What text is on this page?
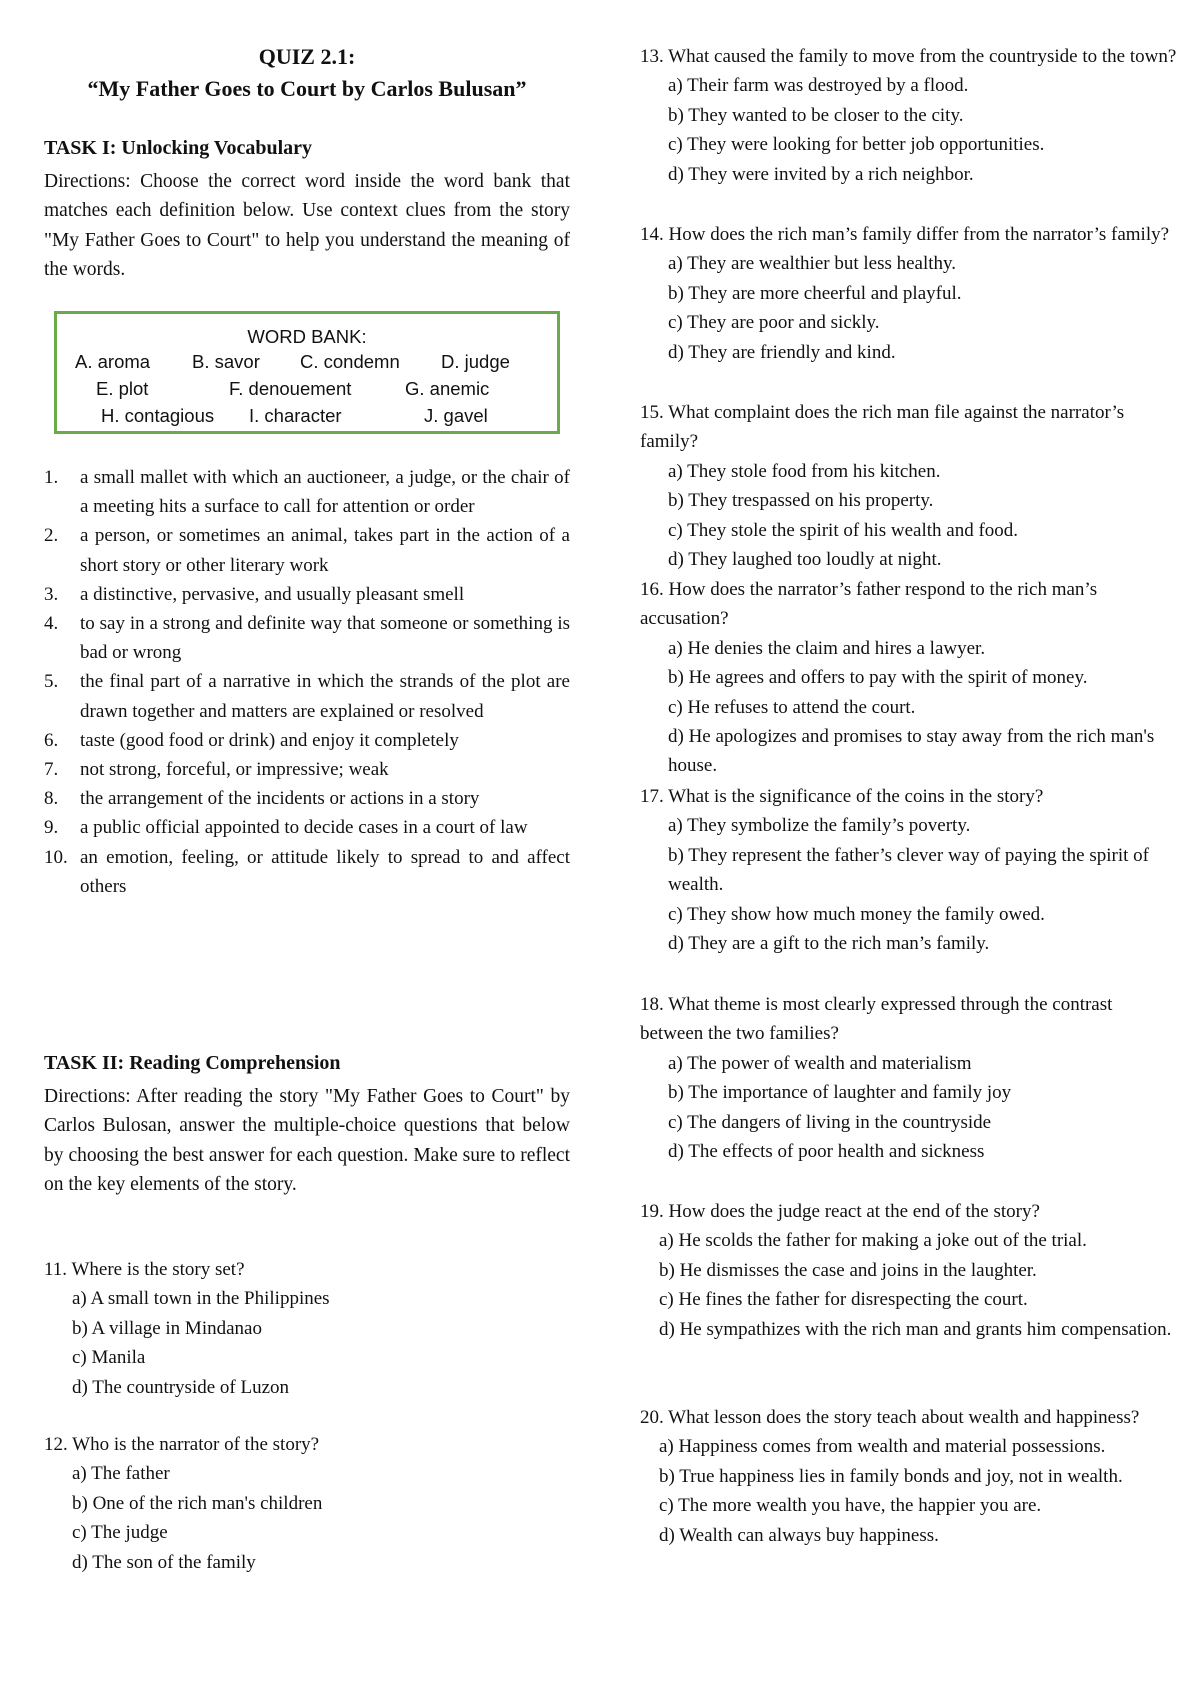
QUIZ 2.1:
“My Father Goes to Court by Carlos Bulusan”
TASK I: Unlocking Vocabulary

Directions: Choose the correct word inside the word bank that matches each definition below. Use context clues from the story "My Father Goes to Court" to help you understand the meaning of the words.

WORD BANK:
A. aroma B. savor C. condemn D. judge
E. plot	F. denouement	G. anemic
H. contagious I. character	J. gavel
1. a small mallet with which an auctioneer, a judge, or the chair of a meeting hits a surface to call for attention or order
2. a person, or sometimes an animal, takes part in the action of a short story or other literary work
3. a distinctive, pervasive, and usually pleasant smell
4. to say in a strong and definite way that someone or something is bad or wrong
5. the final part of a narrative in which the strands of the plot are drawn together and matters are explained or resolved
6. taste (good food or drink) and enjoy it completely
7. not strong, forceful, or impressive; weak
8. the arrangement of the incidents or actions in a story
9. a public official appointed to decide cases in a court of law
10. an emotion, feeling, or attitude likely to spread to and affect others
TASK II: Reading Comprehension

Directions: After reading the story "My Father Goes to Court" by Carlos Bulosan, answer the multiple-choice questions that below by choosing the best answer for each question. Make sure to reflect on the key elements of the story.

11. Where is the story set?
a) A small town in the Philippines
b) A village in Mindanao
c) Manila
d) The countryside of Luzon
12. Who is the narrator of the story?
a) The father
b) One of the rich man's children
c) The judge
d) The son of the family
13. What caused the family to move from the countryside to the town?
a) Their farm was destroyed by a flood.
b) They wanted to be closer to the city.
c) They were looking for better job opportunities.
d) They were invited by a rich neighbor.
14. How does the rich man’s family differ from the narrator’s family?
a) They are wealthier but less healthy.
b) They are more cheerful and playful.
c) They are poor and sickly.
d) They are friendly and kind.
15. What complaint does the rich man file against the narrator’s family?
a) They stole food from his kitchen.
b) They trespassed on his property.
c) They stole the spirit of his wealth and food.
d) They laughed too loudly at night.
16. How does the narrator’s father respond to the rich man’s accusation?
a) He denies the claim and hires a lawyer.
b) He agrees and offers to pay with the spirit of money.
c) He refuses to attend the court.
d) He apologizes and promises to stay away from the rich man's house.
17. What is the significance of the coins in the story?
a) They symbolize the family’s poverty.
b) They represent the father’s clever way of paying the spirit of wealth.
c) They show how much money the family owed.
d) They are a gift to the rich man’s family.
18. What theme is most clearly expressed through the contrast between the two families?
a) The power of wealth and materialism
b) The importance of laughter and family joy
c) The dangers of living in the countryside
d) The effects of poor health and sickness
19. How does the judge react at the end of the story?
a) He scolds the father for making a joke out of the trial.
b) He dismisses the case and joins in the laughter.
c) He fines the father for disrespecting the court.
d) He sympathizes with the rich man and grants him compensation.
20. What lesson does the story teach about wealth and happiness?
a) Happiness comes from wealth and material possessions.
b) True happiness lies in family bonds and joy, not in wealth.
c) The more wealth you have, the happier you are.
d) Wealth can always buy happiness.
